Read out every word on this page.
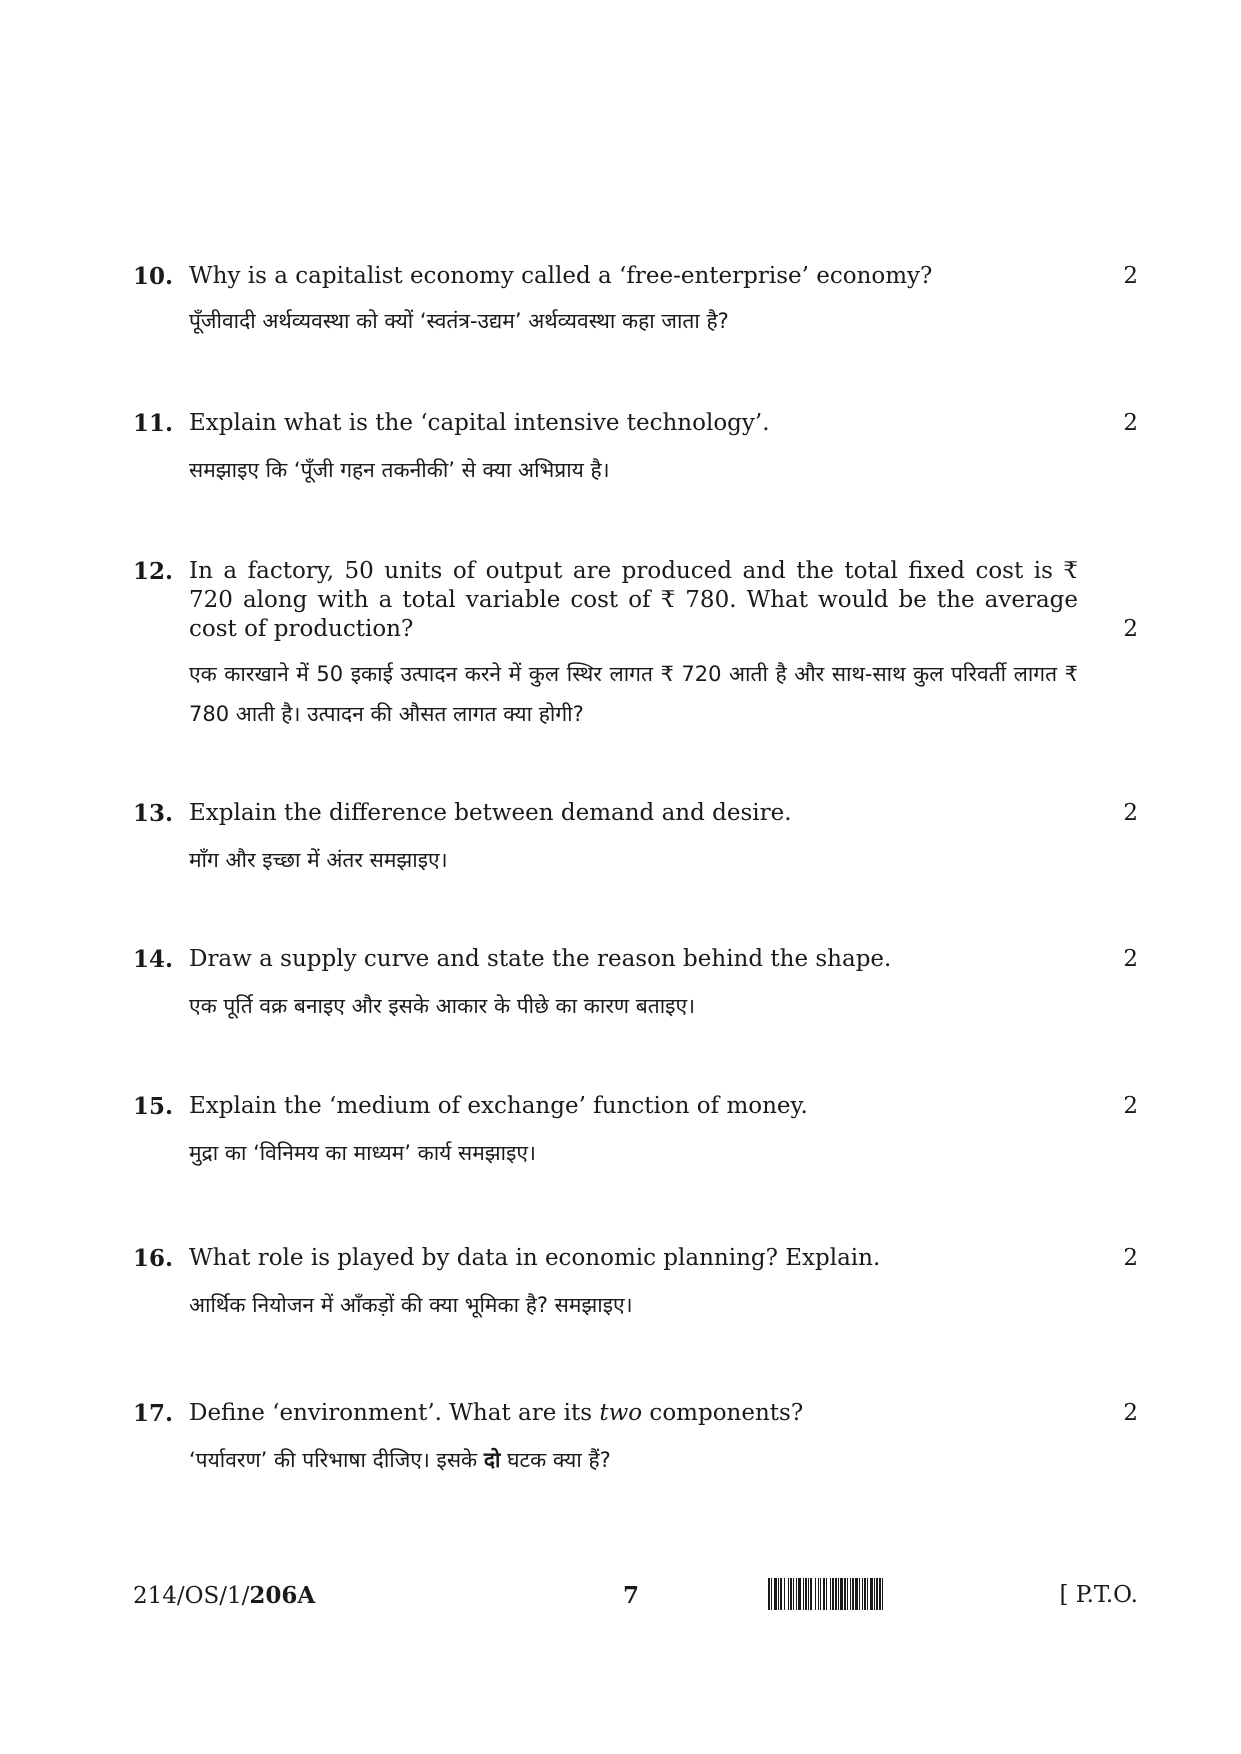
10. Why is a capitalist economy called a ‘free-enterprise’ economy?	2
पूँजीवादी अर्थव्यवस्था को क्यों ‘स्वतंत्र-उद्यम’ अर्थव्यवस्था कहा जाता है?
11. Explain what is the ‘capital intensive technology’.	2
समझाइए कि ‘पूँजी गहन तकनीकी’ से क्या अभिप्राय है।
12. In a factory, 50 units of output are produced and the total fixed cost is ₹ 720 along with a total variable cost of ₹ 780. What would be the average cost of production?	2
एक कारखाने में 50 इकाई उत्पादन करने में कुल स्थिर लागत ₹ 720 आती है और साथ-साथ कुल परिवर्ती लागत ₹ 780 आती है। उत्पादन की औसत लागत क्या होगी?
13. Explain the difference between demand and desire.	2
माँग और इच्छा में अंतर समझाइए।
14. Draw a supply curve and state the reason behind the shape.	2
एक पूर्ति वक्र बनाइए और इसके आकार के पीछे का कारण बताइए।
15. Explain the ‘medium of exchange’ function of money.	2
मुद्रा का ‘विनिमय का माध्यम’ कार्य समझाइए।
16. What role is played by data in economic planning? Explain.	2
आर्थिक नियोजन में आँकड़ों की क्या भूमिका है? समझाइए।
17. Define ‘environment’. What are its two components?	2
‘पर्यावरण’ की परिभाषा दीजिए। इसके दो घटक क्या हैं?
214/OS/1/206A	7	[ P.T.O.
